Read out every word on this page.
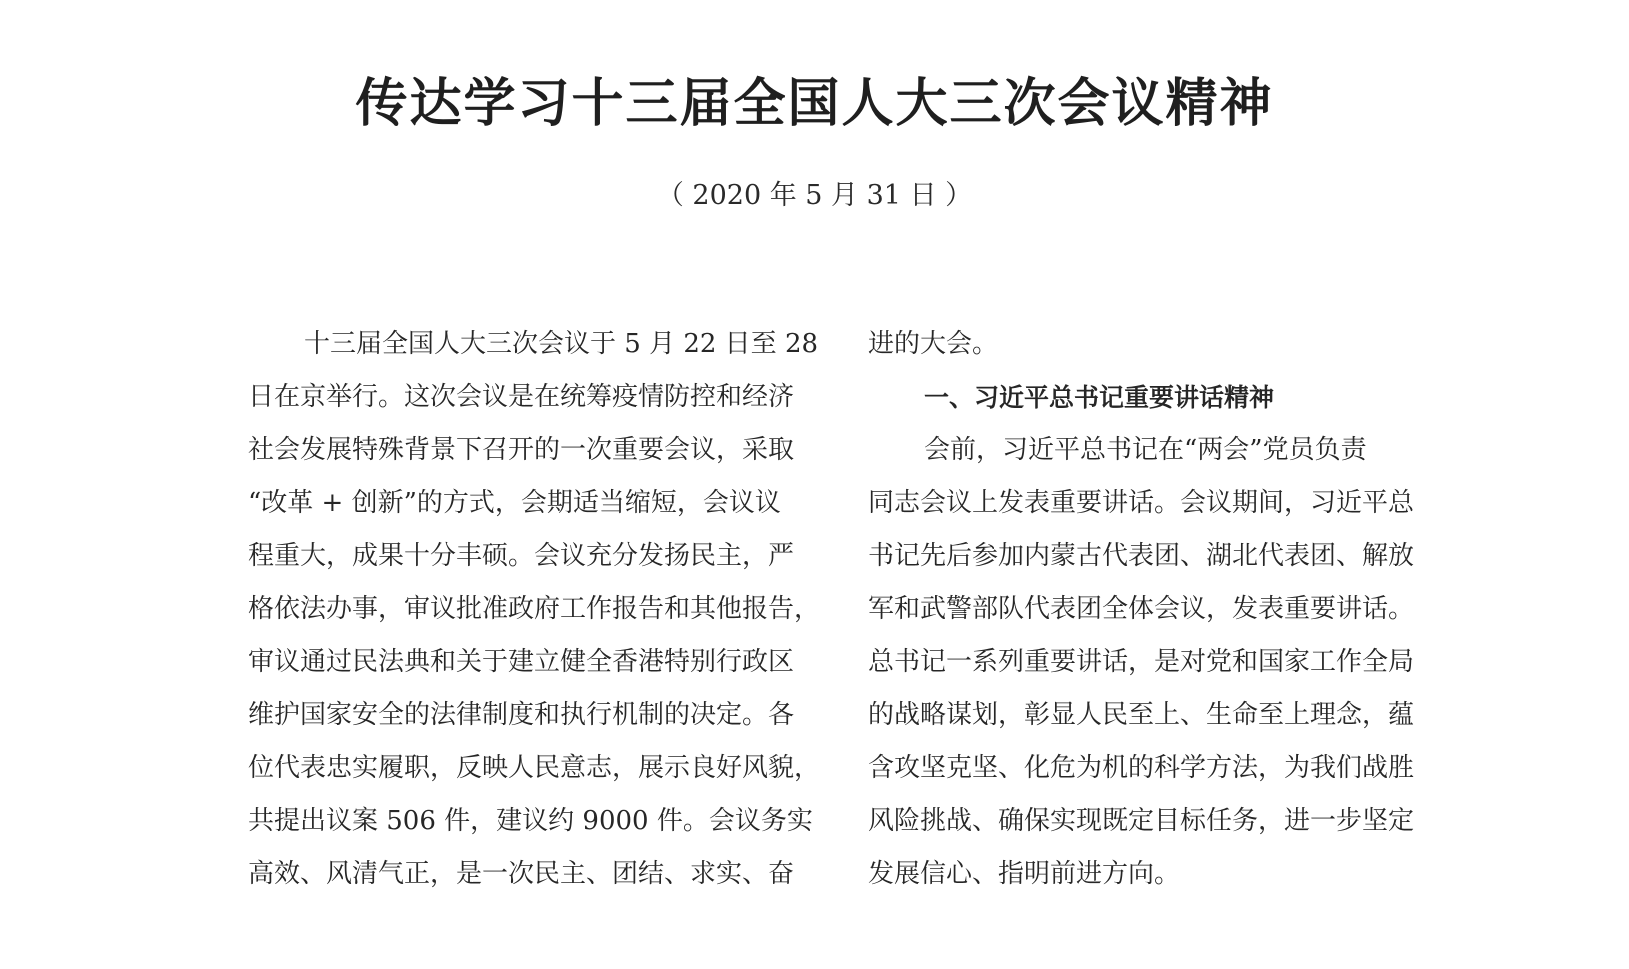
传达学习十三届全国人大三次会议精神
（ 2020 年 5 月 31 日 ）
十三届全国人大三次会议于 5 月 22 日至 28
日在京举行。这次会议是在统筹疫情防控和经济
社会发展特殊背景下召开的一次重要会议，采取
“改革 + 创新”的方式，会期适当缩短，会议议
程重大，成果十分丰硕。会议充分发扬民主，严
格依法办事，审议批准政府工作报告和其他报告，
审议通过民法典和关于建立健全香港特别行政区
维护国家安全的法律制度和执行机制的决定。各
位代表忠实履职，反映人民意志，展示良好风貌，
共提出议案 506 件，建议约 9000 件。会议务实
高效、风清气正，是一次民主、团结、求实、奋
进的大会。
一、习近平总书记重要讲话精神
会前，习近平总书记在“两会”党员负责
同志会议上发表重要讲话。会议期间，习近平总
书记先后参加内蒙古代表团、湖北代表团、解放
军和武警部队代表团全体会议，发表重要讲话。
总书记一系列重要讲话，是对党和国家工作全局
的战略谋划，彰显人民至上、生命至上理念，蕴
含攻坚克坚、化危为机的科学方法，为我们战胜
风险挑战、确保实现既定目标任务，进一步坚定
发展信心、指明前进方向。
